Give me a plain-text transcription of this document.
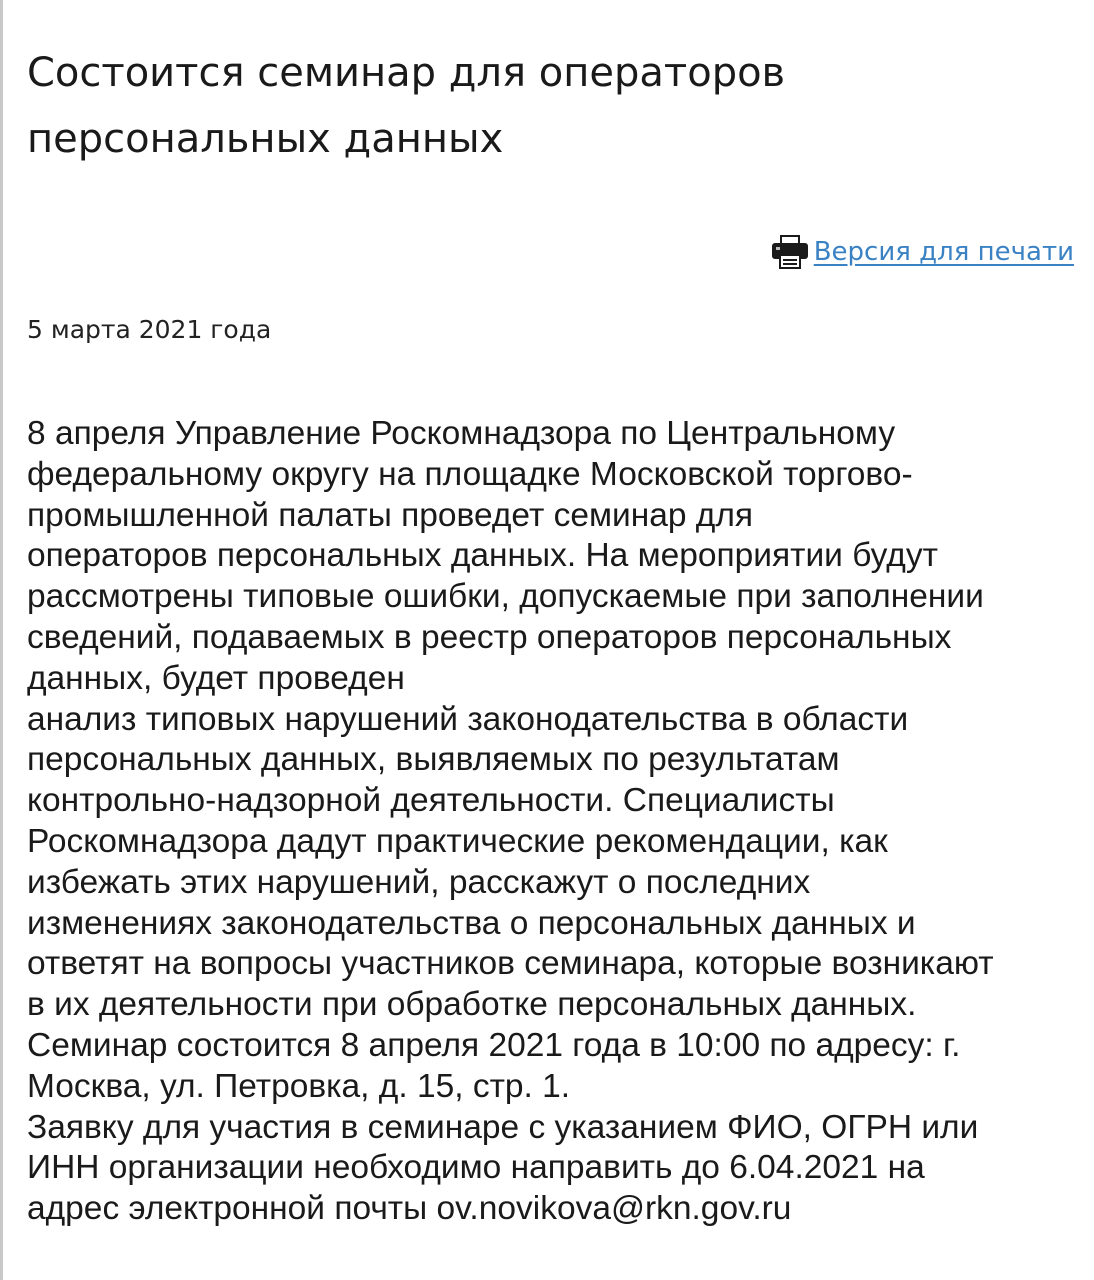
Состоится семинар для операторов персональных данных
Версия для печати

5 марта 2021 года

8 апреля Управление Роскомнадзора по Центральному
федеральному округу на площадке Московской торгово-
промышленной палаты проведет семинар для
операторов персональных данных. На мероприятии будут
рассмотрены типовые ошибки, допускаемые при заполнении
сведений, подаваемых в реестр операторов персональных
данных, будет проведен
анализ типовых нарушений законодательства в области
персональных данных, выявляемых по результатам
контрольно-надзорной деятельности. Специалисты
Роскомнадзора дадут практические рекомендации, как
избежать этих нарушений, расскажут о последних
изменениях законодательства о персональных данных и
ответят на вопросы участников семинара, которые возникают
в их деятельности при обработке персональных данных.
Семинар состоится 8 апреля 2021 года в 10:00 по адресу: г.
Москва, ул. Петровка, д. 15, стр. 1.
Заявку для участия в семинаре с указанием ФИО, ОГРН или
ИНН организации необходимо направить до 6.04.2021 на
адрес электронной почты ov.novikova@rkn.gov.ru
